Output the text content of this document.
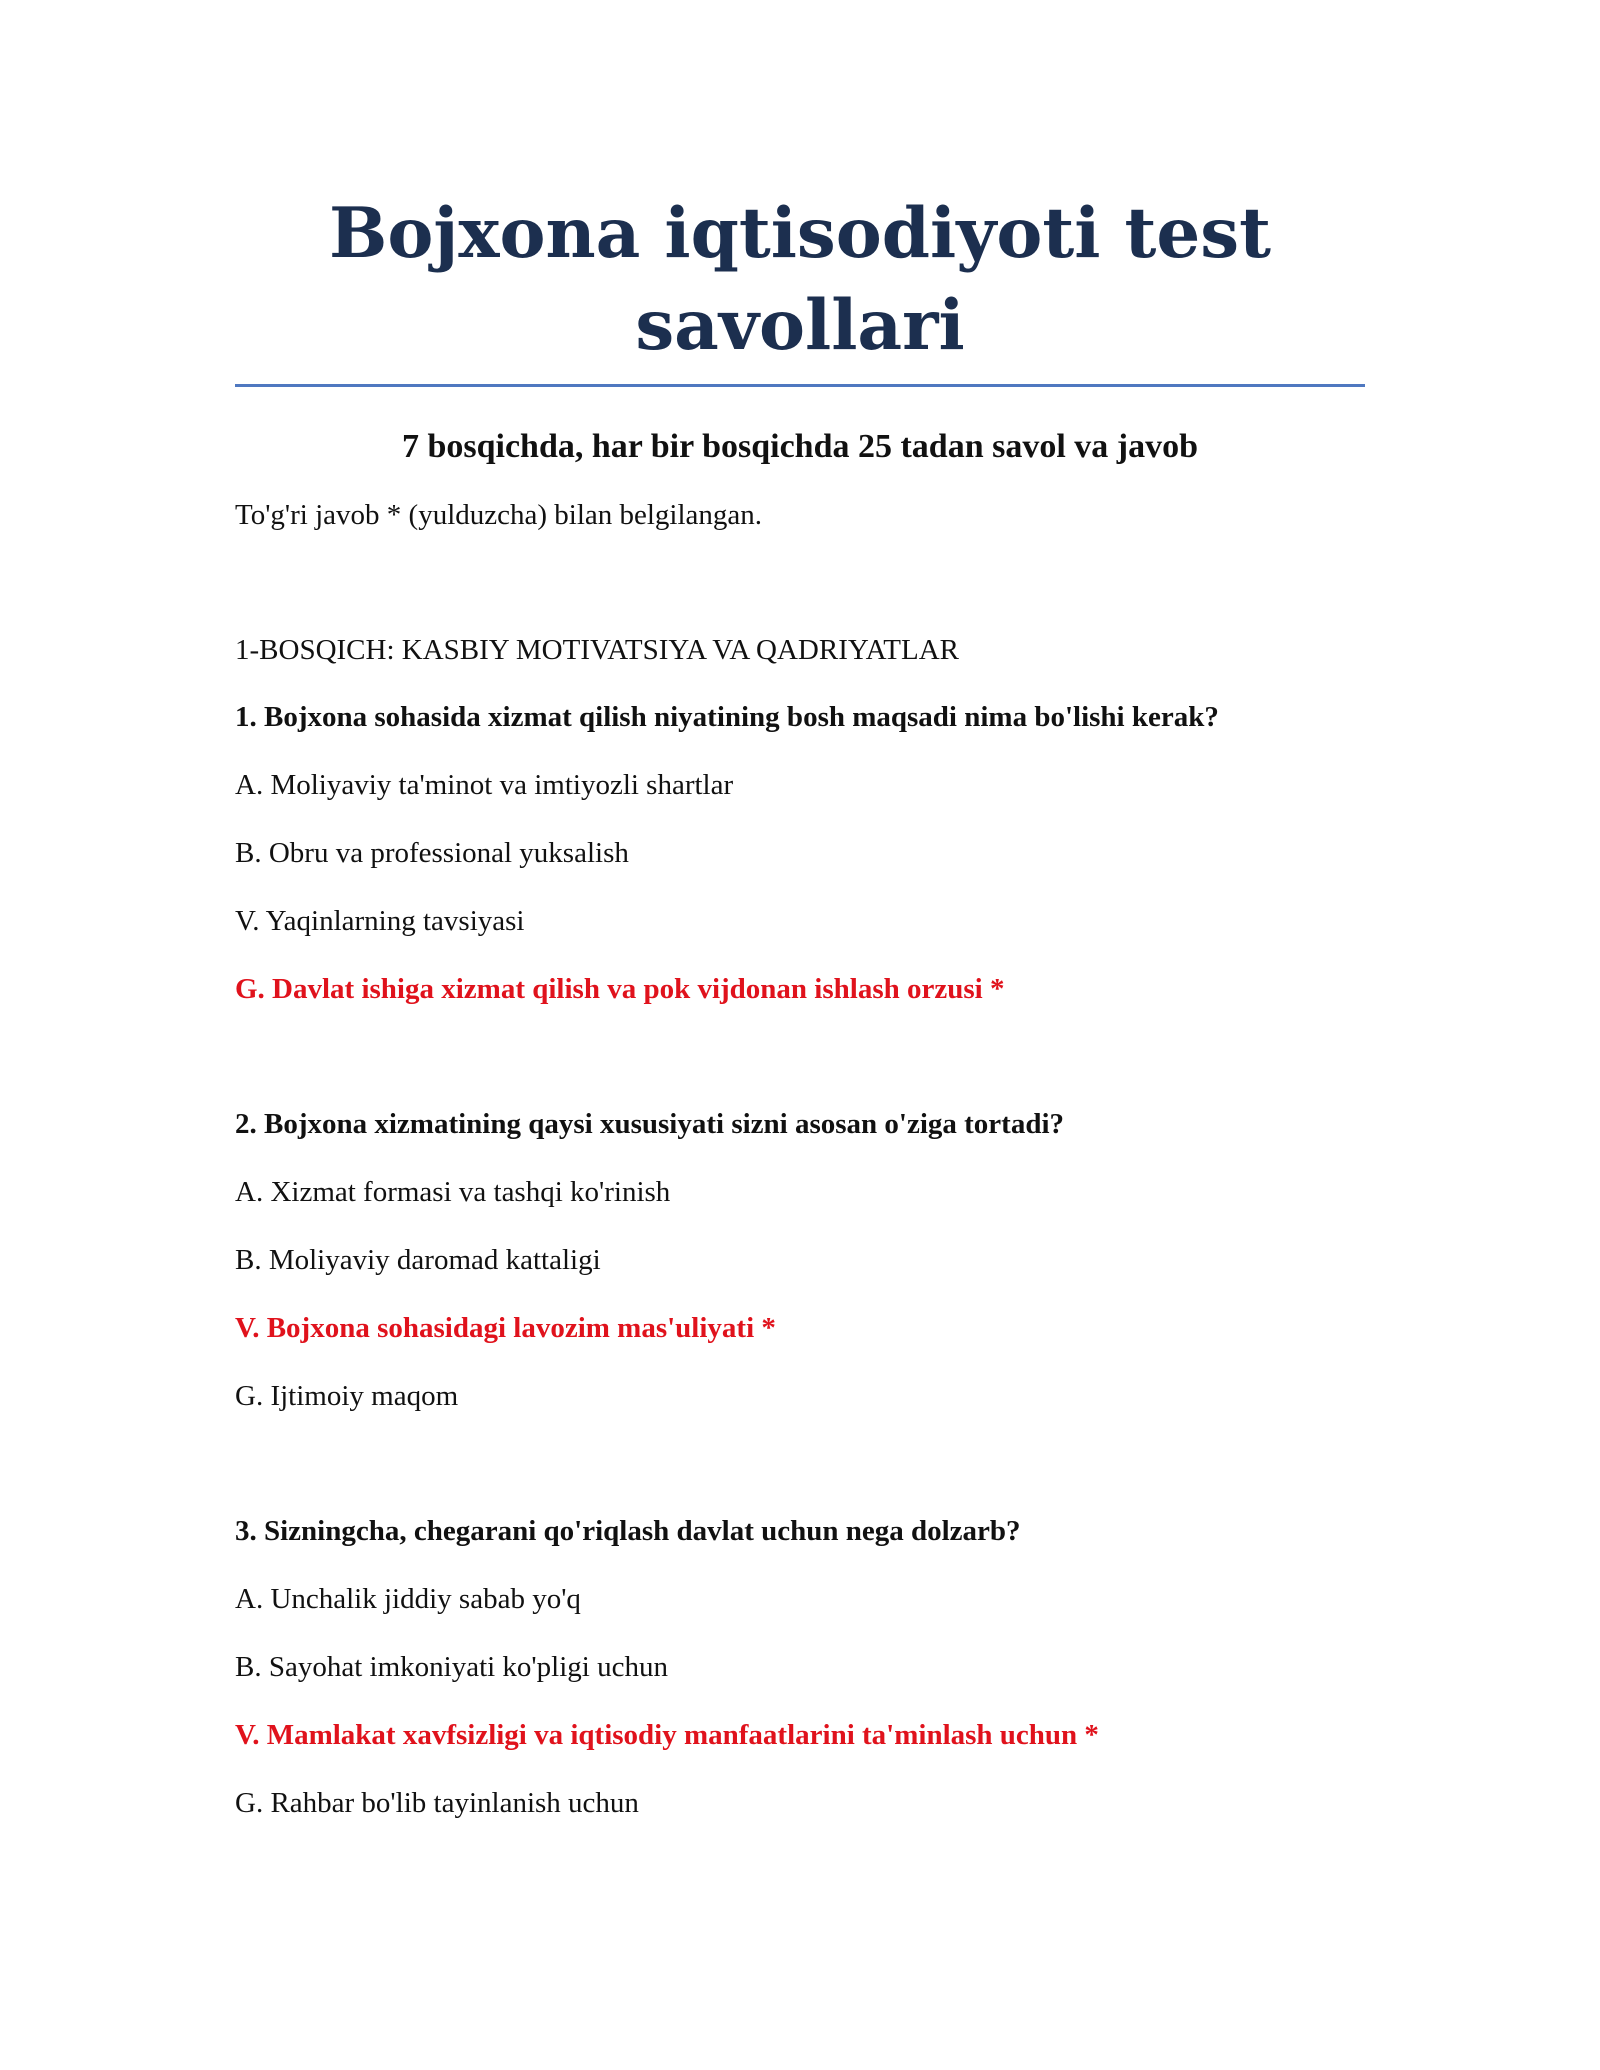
Bojxona iqtisodiyoti test savollari

7 bosqichda, har bir bosqichda 25 tadan savol va javob

To'g'ri javob * (yulduzcha) bilan belgilangan.

1-BOSQICH: KASBIY MOTIVATSIYA VA QADRIYATLAR

1. Bojxona sohasida xizmat qilish niyatining bosh maqsadi nima bo'lishi kerak?

A. Moliyaviy ta'minot va imtiyozli shartlar

B. Obru va professional yuksalish

V. Yaqinlarning tavsiyasi

G. Davlat ishiga xizmat qilish va pok vijdonan ishlash orzusi *

2. Bojxona xizmatining qaysi xususiyati sizni asosan o'ziga tortadi?

A. Xizmat formasi va tashqi ko'rinish

B. Moliyaviy daromad kattaligi

V. Bojxona sohasidagi lavozim mas'uliyati *

G. Ijtimoiy maqom

3. Sizningcha, chegarani qo'riqlash davlat uchun nega dolzarb?

A. Unchalik jiddiy sabab yo'q

B. Sayohat imkoniyati ko'pligi uchun

V. Mamlakat xavfsizligi va iqtisodiy manfaatlarini ta'minlash uchun *

G. Rahbar bo'lib tayinlanish uchun
